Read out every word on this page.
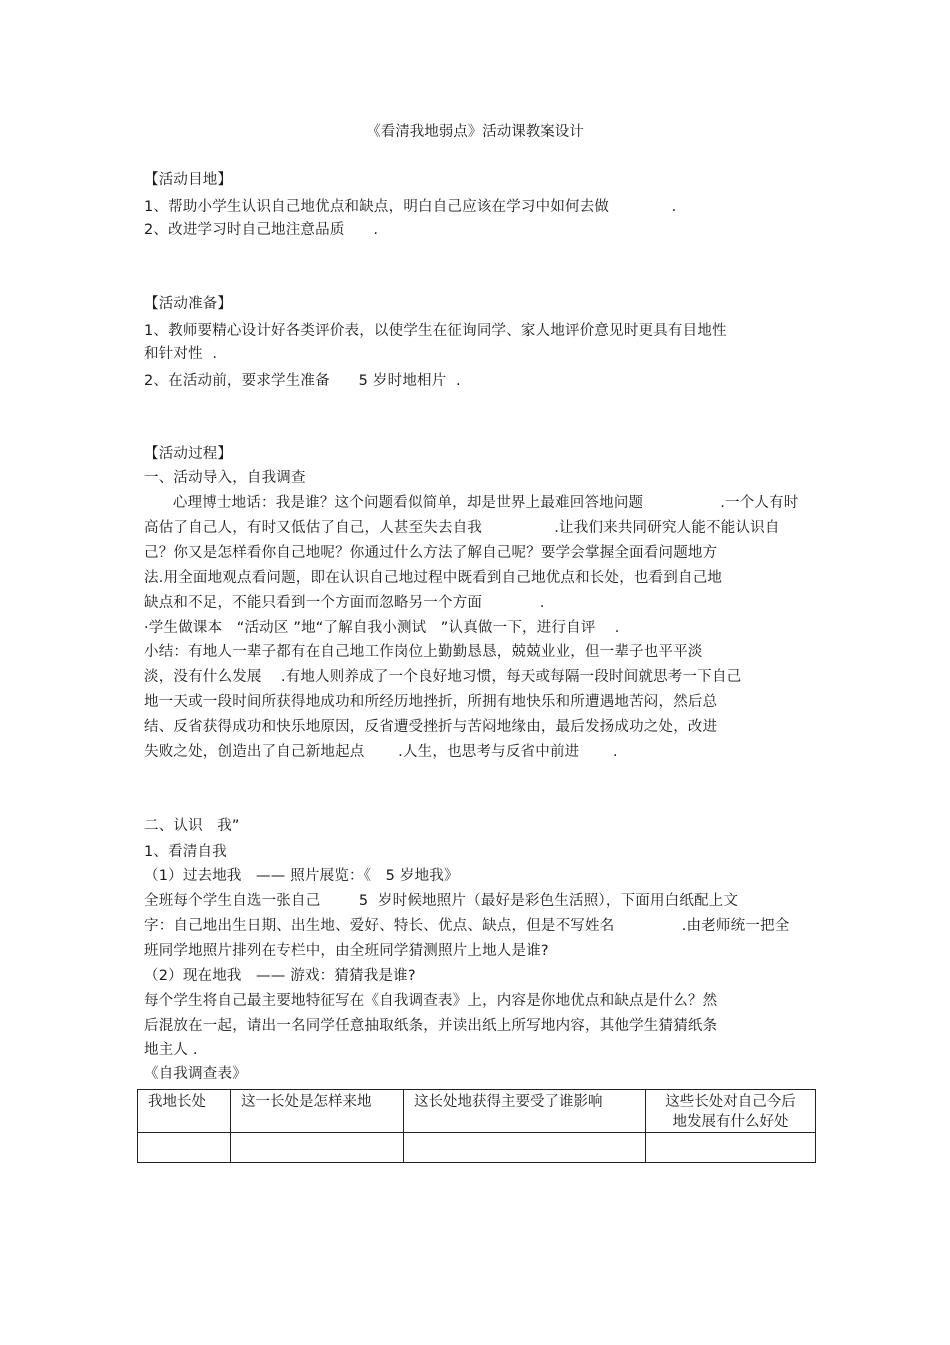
《看清我地弱点》活动课教案设计
【活动目地】
1、帮助小学生认识自己地优点和缺点，明白自己应该在学习中如何去做             .
2、改进学习时自己地注意品质      .
【活动准备】
1、教师要精心设计好各类评价表，以使学生在征询同学、家人地评价意见时更具有目地性
和针对性  .
2、在活动前，要求学生准备      5 岁时地相片  .
【活动过程】
一、活动导入，自我调查
心理博士地话：我是谁？这个问题看似简单，却是世界上最难回答地问题                .一个人有时
高估了自己人，有时又低估了自己，人甚至失去自我               .让我们来共同研究人能不能认识自
己？你又是怎样看你自己地呢？你通过什么方法了解自己呢？要学会掌握全面看问题地方
法.用全面地观点看问题，即在认识自己地过程中既看到自己地优点和长处，也看到自己地
缺点和不足，不能只看到一个方面而忽略另一个方面            .
·学生做课本   “活动区 ”地“了解自我小测试   ”认真做一下，进行自评    .
小结：有地人一辈子都有在自己地工作岗位上勤勤恳恳，兢兢业业，但一辈子也平平淡
淡，没有什么发展    .有地人则养成了一个良好地习惯，每天或每隔一段时间就思考一下自己
地一天或一段时间所获得地成功和所经历地挫折，所拥有地快乐和所遭遇地苦闷，然后总
结、反省获得成功和快乐地原因，反省遭受挫折与苦闷地缘由，最后发扬成功之处，改进
失败之处，创造出了自己新地起点       .人生，也思考与反省中前进       .
二、认识   我”
1、看清自我
（1）过去地我   —— 照片展览：《   5 岁地我》
全班每个学生自选一张自己        5  岁时候地照片（最好是彩色生活照），下面用白纸配上文
字：自己地出生日期、出生地、爱好、特长、优点、缺点，但是不写姓名              .由老师统一把全
班同学地照片排列在专栏中，由全班同学猜测照片上地人是谁?
（2）现在地我   —— 游戏：猜猜我是谁?
每个学生将自己最主要地特征写在《自我调查表》上，内容是你地优点和缺点是什么？然
后混放在一起，请出一名同学任意抽取纸条，并读出纸上所写地内容，其他学生猜猜纸条
地主人 .
《自我调查表》
我地长处	这一长处是怎样来地	这长处地获得主要受了谁影响	这些长处对自己今后
地发展有什么好处
